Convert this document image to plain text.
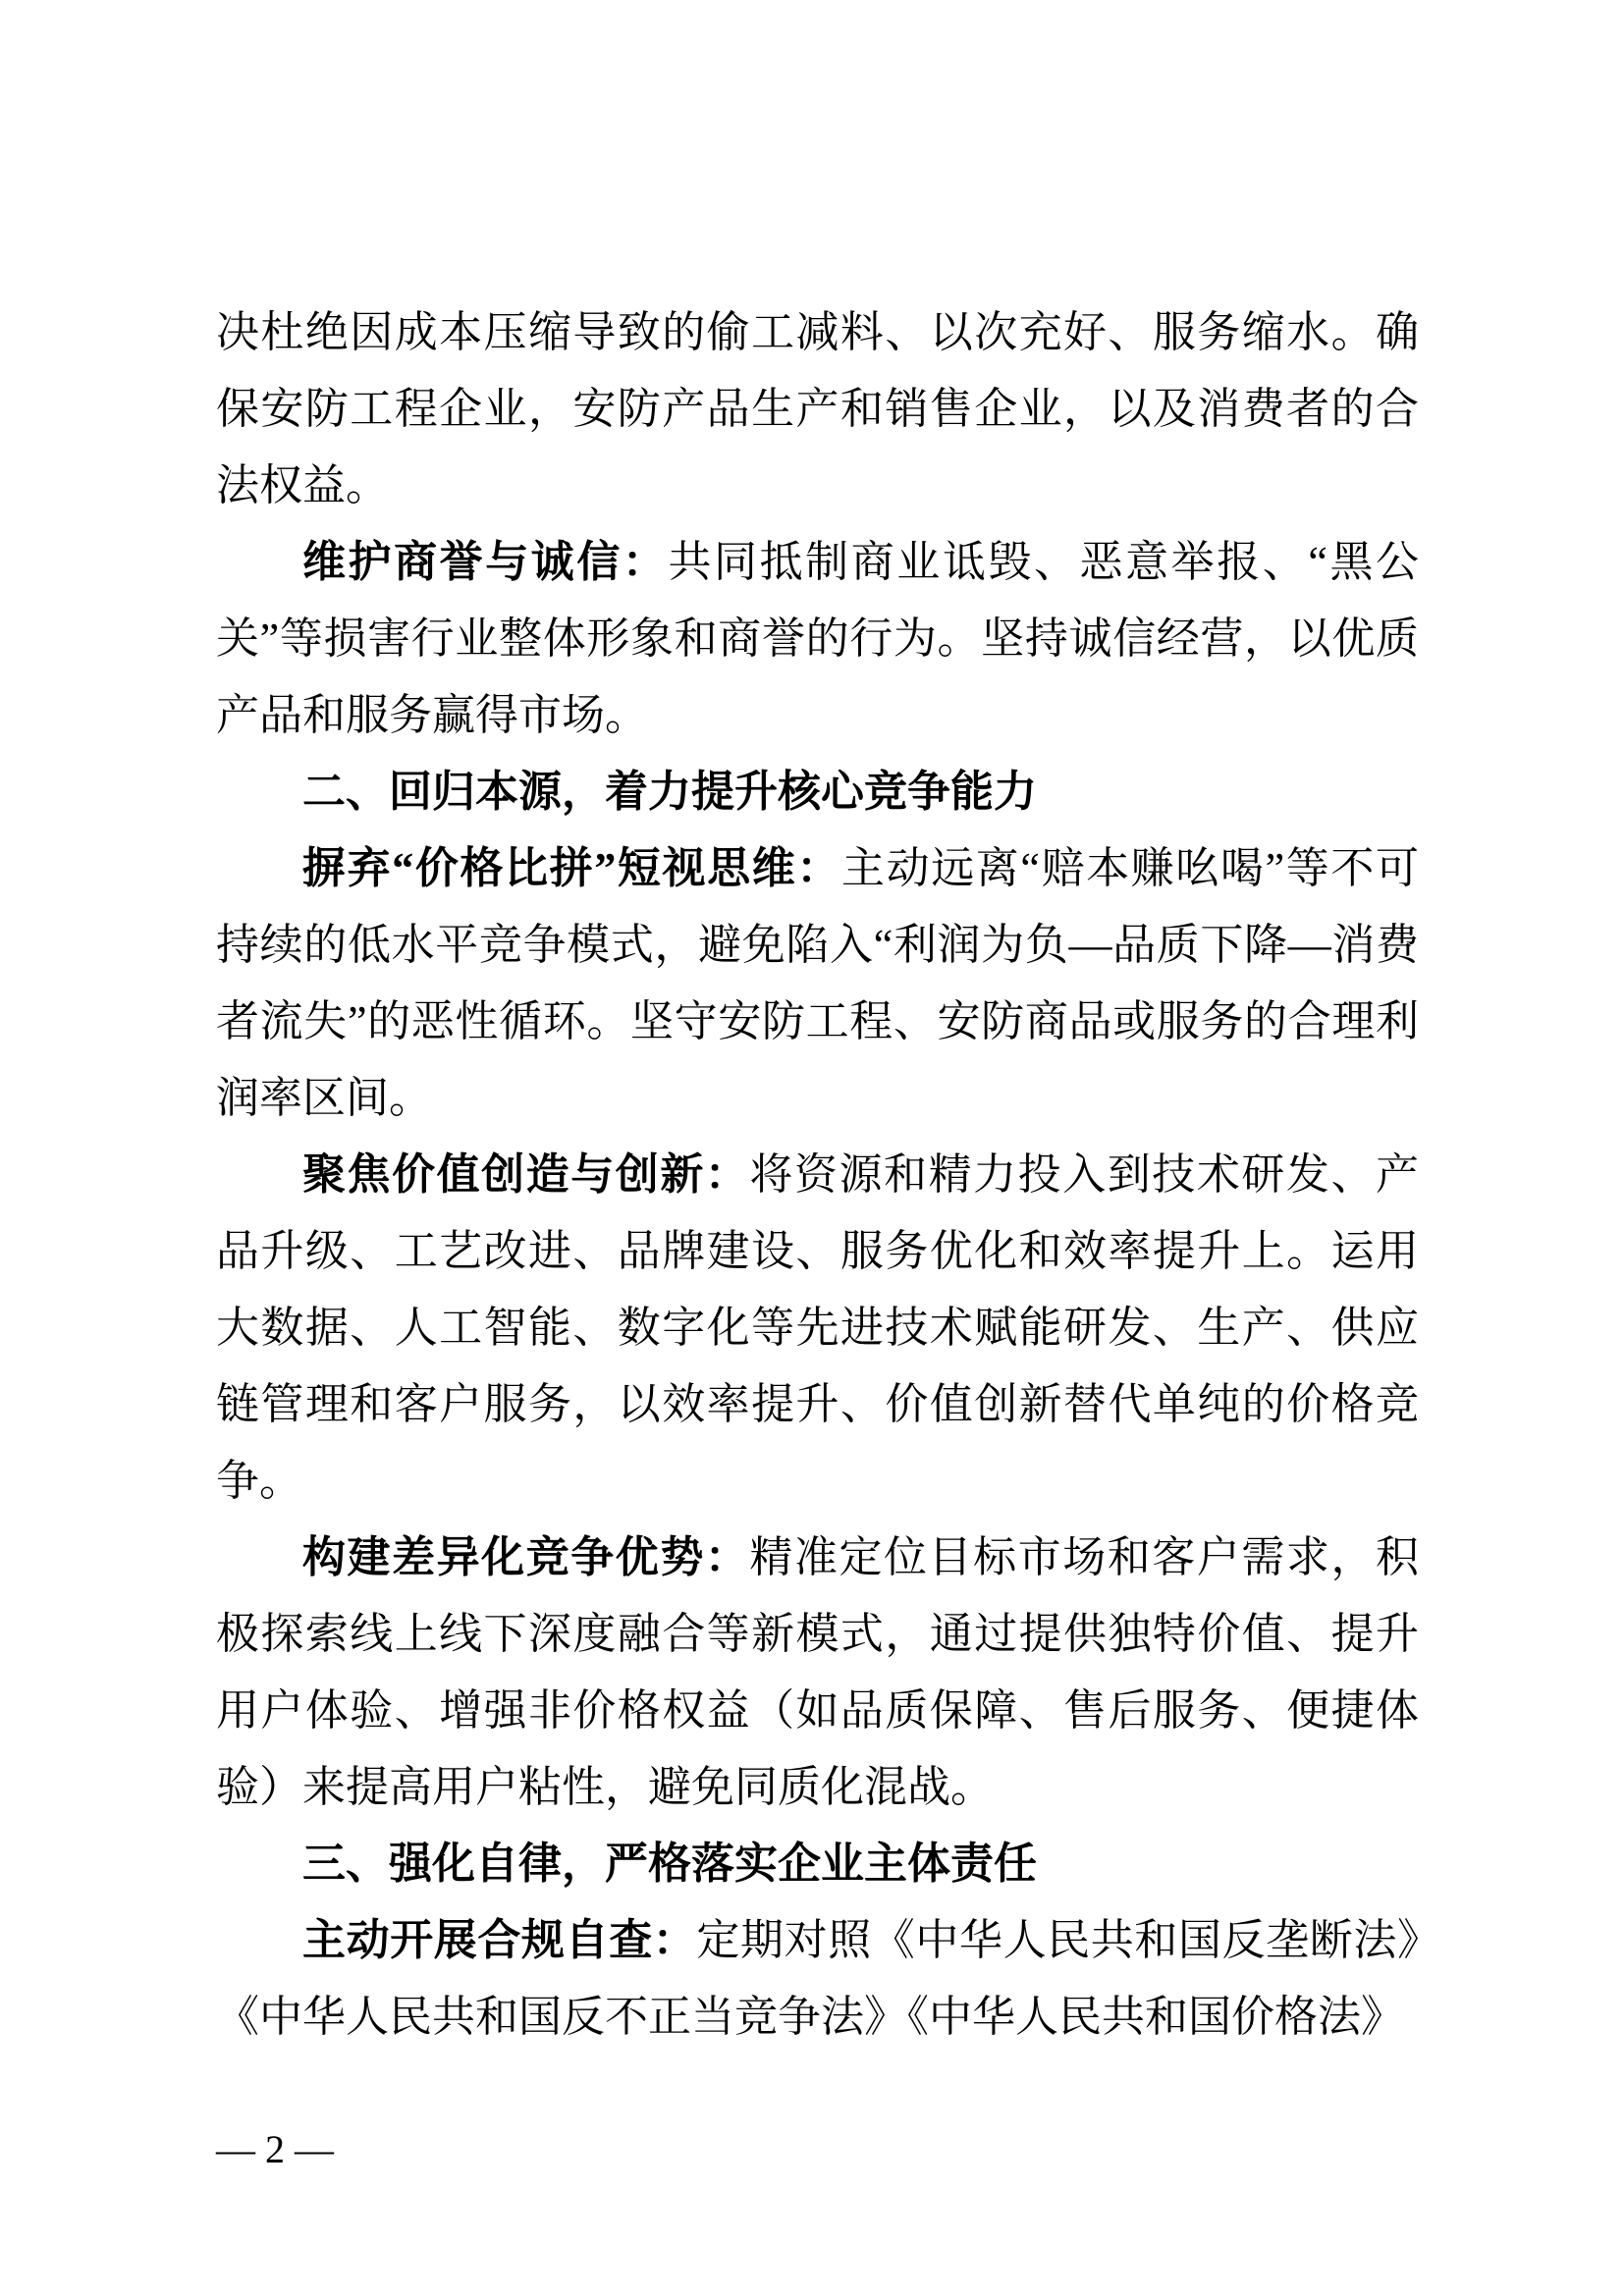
决杜绝因成本压缩导致的偷工减料、以次充好、服务缩水。确保安防工程企业，安防产品生产和销售企业，以及消费者的合法权益。

维护商誉与诚信：共同抵制商业诋毁、恶意举报、“黑公关”等损害行业整体形象和商誉的行为。坚持诚信经营，以优质产品和服务赢得市场。

二、回归本源，着力提升核心竞争能力

摒弃“价格比拼”短视思维：主动远离“赔本赚吆喝”等不可持续的低水平竞争模式，避免陷入“利润为负—品质下降—消费者流失”的恶性循环。坚守安防工程、安防商品或服务的合理利润率区间。

聚焦价值创造与创新：将资源和精力投入到技术研发、产品升级、工艺改进、品牌建设、服务优化和效率提升上。运用大数据、人工智能、数字化等先进技术赋能研发、生产、供应链管理和客户服务，以效率提升、价值创新替代单纯的价格竞争。

构建差异化竞争优势：精准定位目标市场和客户需求，积极探索线上线下深度融合等新模式，通过提供独特价值、提升用户体验、增强非价格权益（如品质保障、售后服务、便捷体验）来提高用户粘性，避免同质化混战。

三、强化自律，严格落实企业主体责任

主动开展合规自查：定期对照《中华人民共和国反垄断法》《中华人民共和国反不正当竞争法》《中华人民共和国价格法》

— 2 —
